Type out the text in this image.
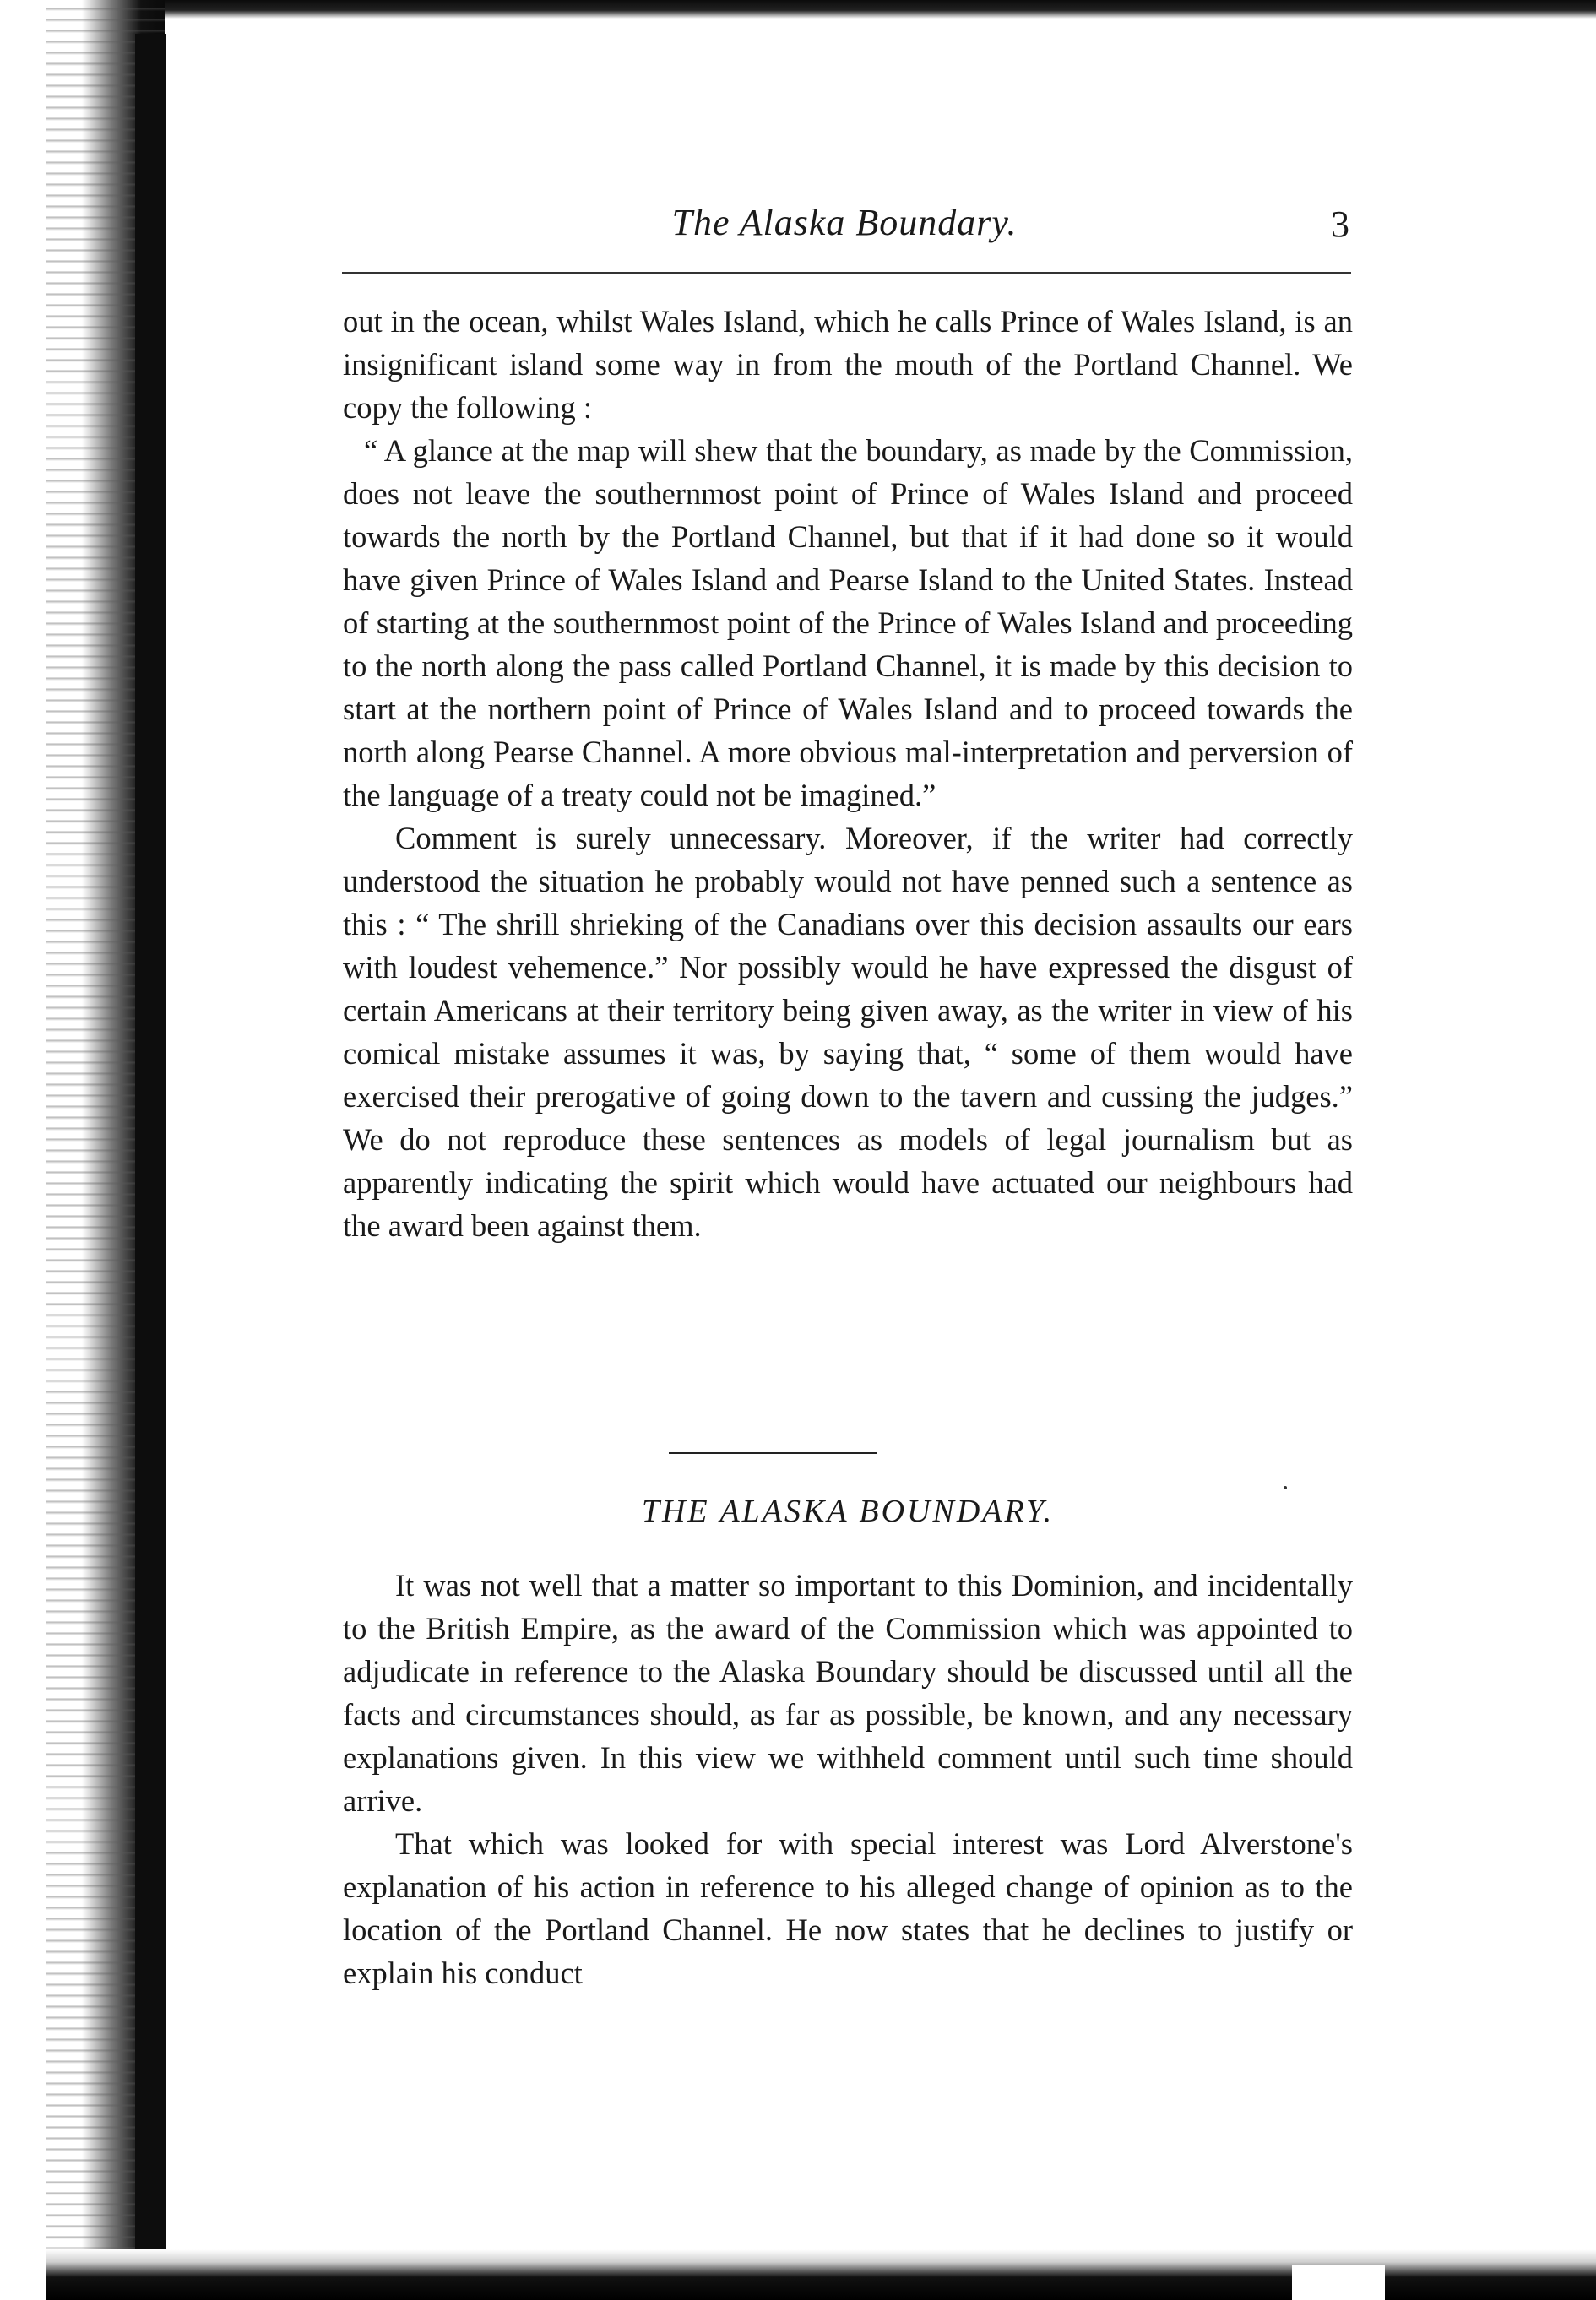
The Alaska Boundary.	3

out in the ocean, whilst Wales Island, which he calls Prince of Wales Island, is an insignificant island some way in from the mouth of the Portland Channel. We copy the following :

“ A glance at the map will shew that the boundary, as made by the Commission, does not leave the southernmost point of Prince of Wales Island and proceed towards the north by the Portland Channel, but that if it had done so it would have given Prince of Wales Island and Pearse Island to the United States. Instead of starting at the southernmost point of the Prince of Wales Island and proceeding to the north along the pass called Portland Channel, it is made by this decision to start at the northern point of Prince of Wales Island and to proceed towards the north along Pearse Channel. A more obvious mal-interpretation and perversion of the language of a treaty could not be imagined.”

Comment is surely unnecessary. Moreover, if the writer had correctly understood the situation he probably would not have penned such a sentence as this : “ The shrill shrieking of the Canadians over this decision assaults our ears with loudest vehemence.” Nor possibly would he have expressed the disgust of certain Americans at their territory being given away, as the writer in view of his comical mistake assumes it was, by saying that, “ some of them would have exercised their prerogative of going down to the tavern and cussing the judges.” We do not reproduce these sentences as models of legal journalism but as apparently indicating the spirit which would have actuated our neighbours had the award been against them.

THE ALASKA BOUNDARY.

It was not well that a matter so important to this Dominion, and incidentally to the British Empire, as the award of the Commission which was appointed to adjudicate in reference to the Alaska Boundary should be discussed until all the facts and circumstances should, as far as possible, be known, and any necessary explanations given. In this view we withheld comment until such time should arrive.

That which was looked for with special interest was Lord Alverstone's explanation of his action in reference to his alleged change of opinion as to the location of the Portland Channel. He now states that he declines to justify or explain his conduct
